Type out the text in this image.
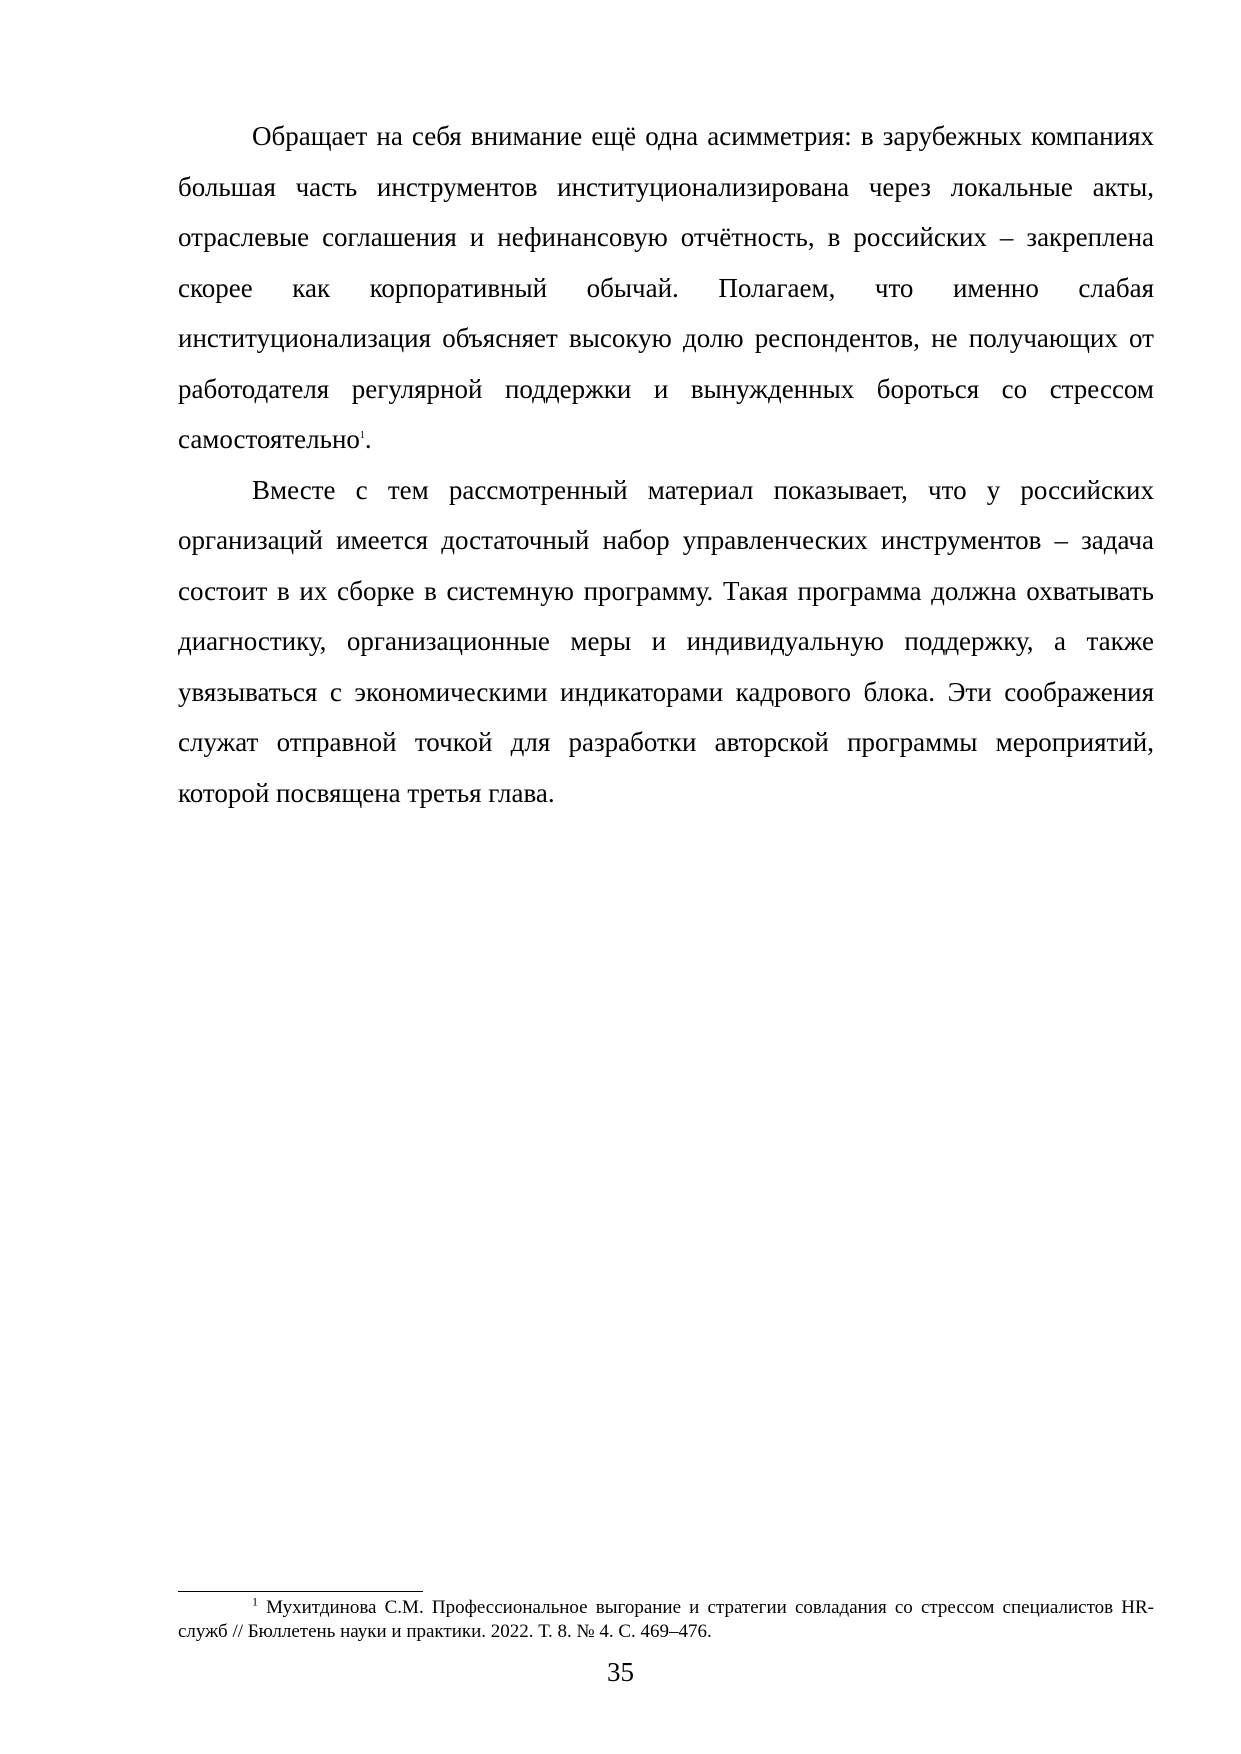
Обращает на себя внимание ещё одна асимметрия: в зарубежных компаниях большая часть инструментов институционализирована через локальные акты, отраслевые соглашения и нефинансовую отчётность, в российских – закреплена скорее как корпоративный обычай. Полагаем, что именно слабая институционализация объясняет высокую долю респондентов, не получающих от работодателя регулярной поддержки и вынужденных бороться со стрессом самостоятельно$^1$.

Вместе с тем рассмотренный материал показывает, что у российских организаций имеется достаточный набор управленческих инструментов – задача состоит в их сборке в системную программу. Такая программа должна охватывать диагностику, организационные меры и индивидуальную поддержку, а также увязываться с экономическими индикаторами кадрового блока. Эти соображения служат отправной точкой для разработки авторской программы мероприятий, которой посвящена третья глава.

$^1$ Мухитдинова С.М. Профессиональное выгорание и стратегии совладания со стрессом специалистов HR-служб // Бюллетень науки и практики. 2022. Т. 8. № 4. С. 469–476.

35
